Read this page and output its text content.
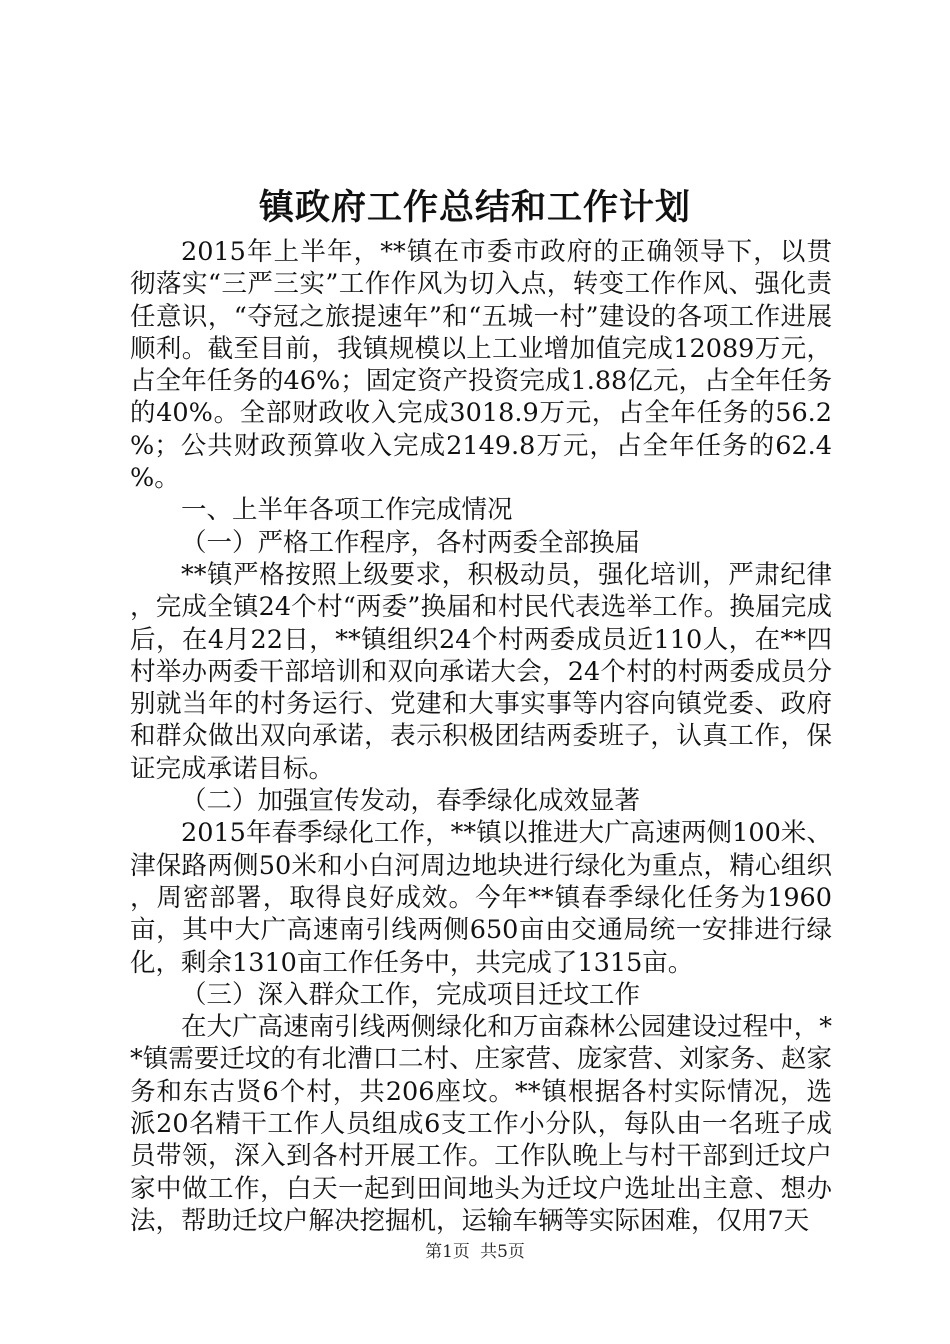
镇政府工作总结和工作计划

2015年上半年，**镇在市委市政府的正确领导下，以贯彻落实“三严三实”工作作风为切入点，转变工作作风、强化责任意识，“夺冠之旅提速年”和“五城一村”建设的各项工作进展顺利。截至目前，我镇规模以上工业增加值完成12089万元，占全年任务的46%；固定资产投资完成1.88亿元，占全年任务的40%。全部财政收入完成3018.9万元，占全年任务的56.2%；公共财政预算收入完成2149.8万元，占全年任务的62.4%。

一、上半年各项工作完成情况

（一）严格工作程序，各村两委全部换届

**镇严格按照上级要求，积极动员，强化培训，严肃纪律，完成全镇24个村“两委”换届和村民代表选举工作。换届完成后，在4月22日，**镇组织24个村两委成员近110人，在**四村举办两委干部培训和双向承诺大会，24个村的村两委成员分别就当年的村务运行、党建和大事实事等内容向镇党委、政府和群众做出双向承诺，表示积极团结两委班子，认真工作，保证完成承诺目标。

（二）加强宣传发动，春季绿化成效显著

2015年春季绿化工作，**镇以推进大广高速两侧100米、津保路两侧50米和小白河周边地块进行绿化为重点，精心组织，周密部署，取得良好成效。今年**镇春季绿化任务为1960亩，其中大广高速南引线两侧650亩由交通局统一安排进行绿化，剩余1310亩工作任务中，共完成了1315亩。

（三）深入群众工作，完成项目迁坟工作

在大广高速南引线两侧绿化和万亩森林公园建设过程中，**镇需要迁坟的有北漕口二村、庄家营、庞家营、刘家务、赵家务和东古贤6个村，共206座坟。**镇根据各村实际情况，选派20名精干工作人员组成6支工作小分队，每队由一名班子成员带领，深入到各村开展工作。工作队晚上与村干部到迁坟户家中做工作，白天一起到田间地头为迁坟户选址出主意、想办法，帮助迁坟户解决挖掘机，运输车辆等实际困难，仅用7天

第1页 共5页
